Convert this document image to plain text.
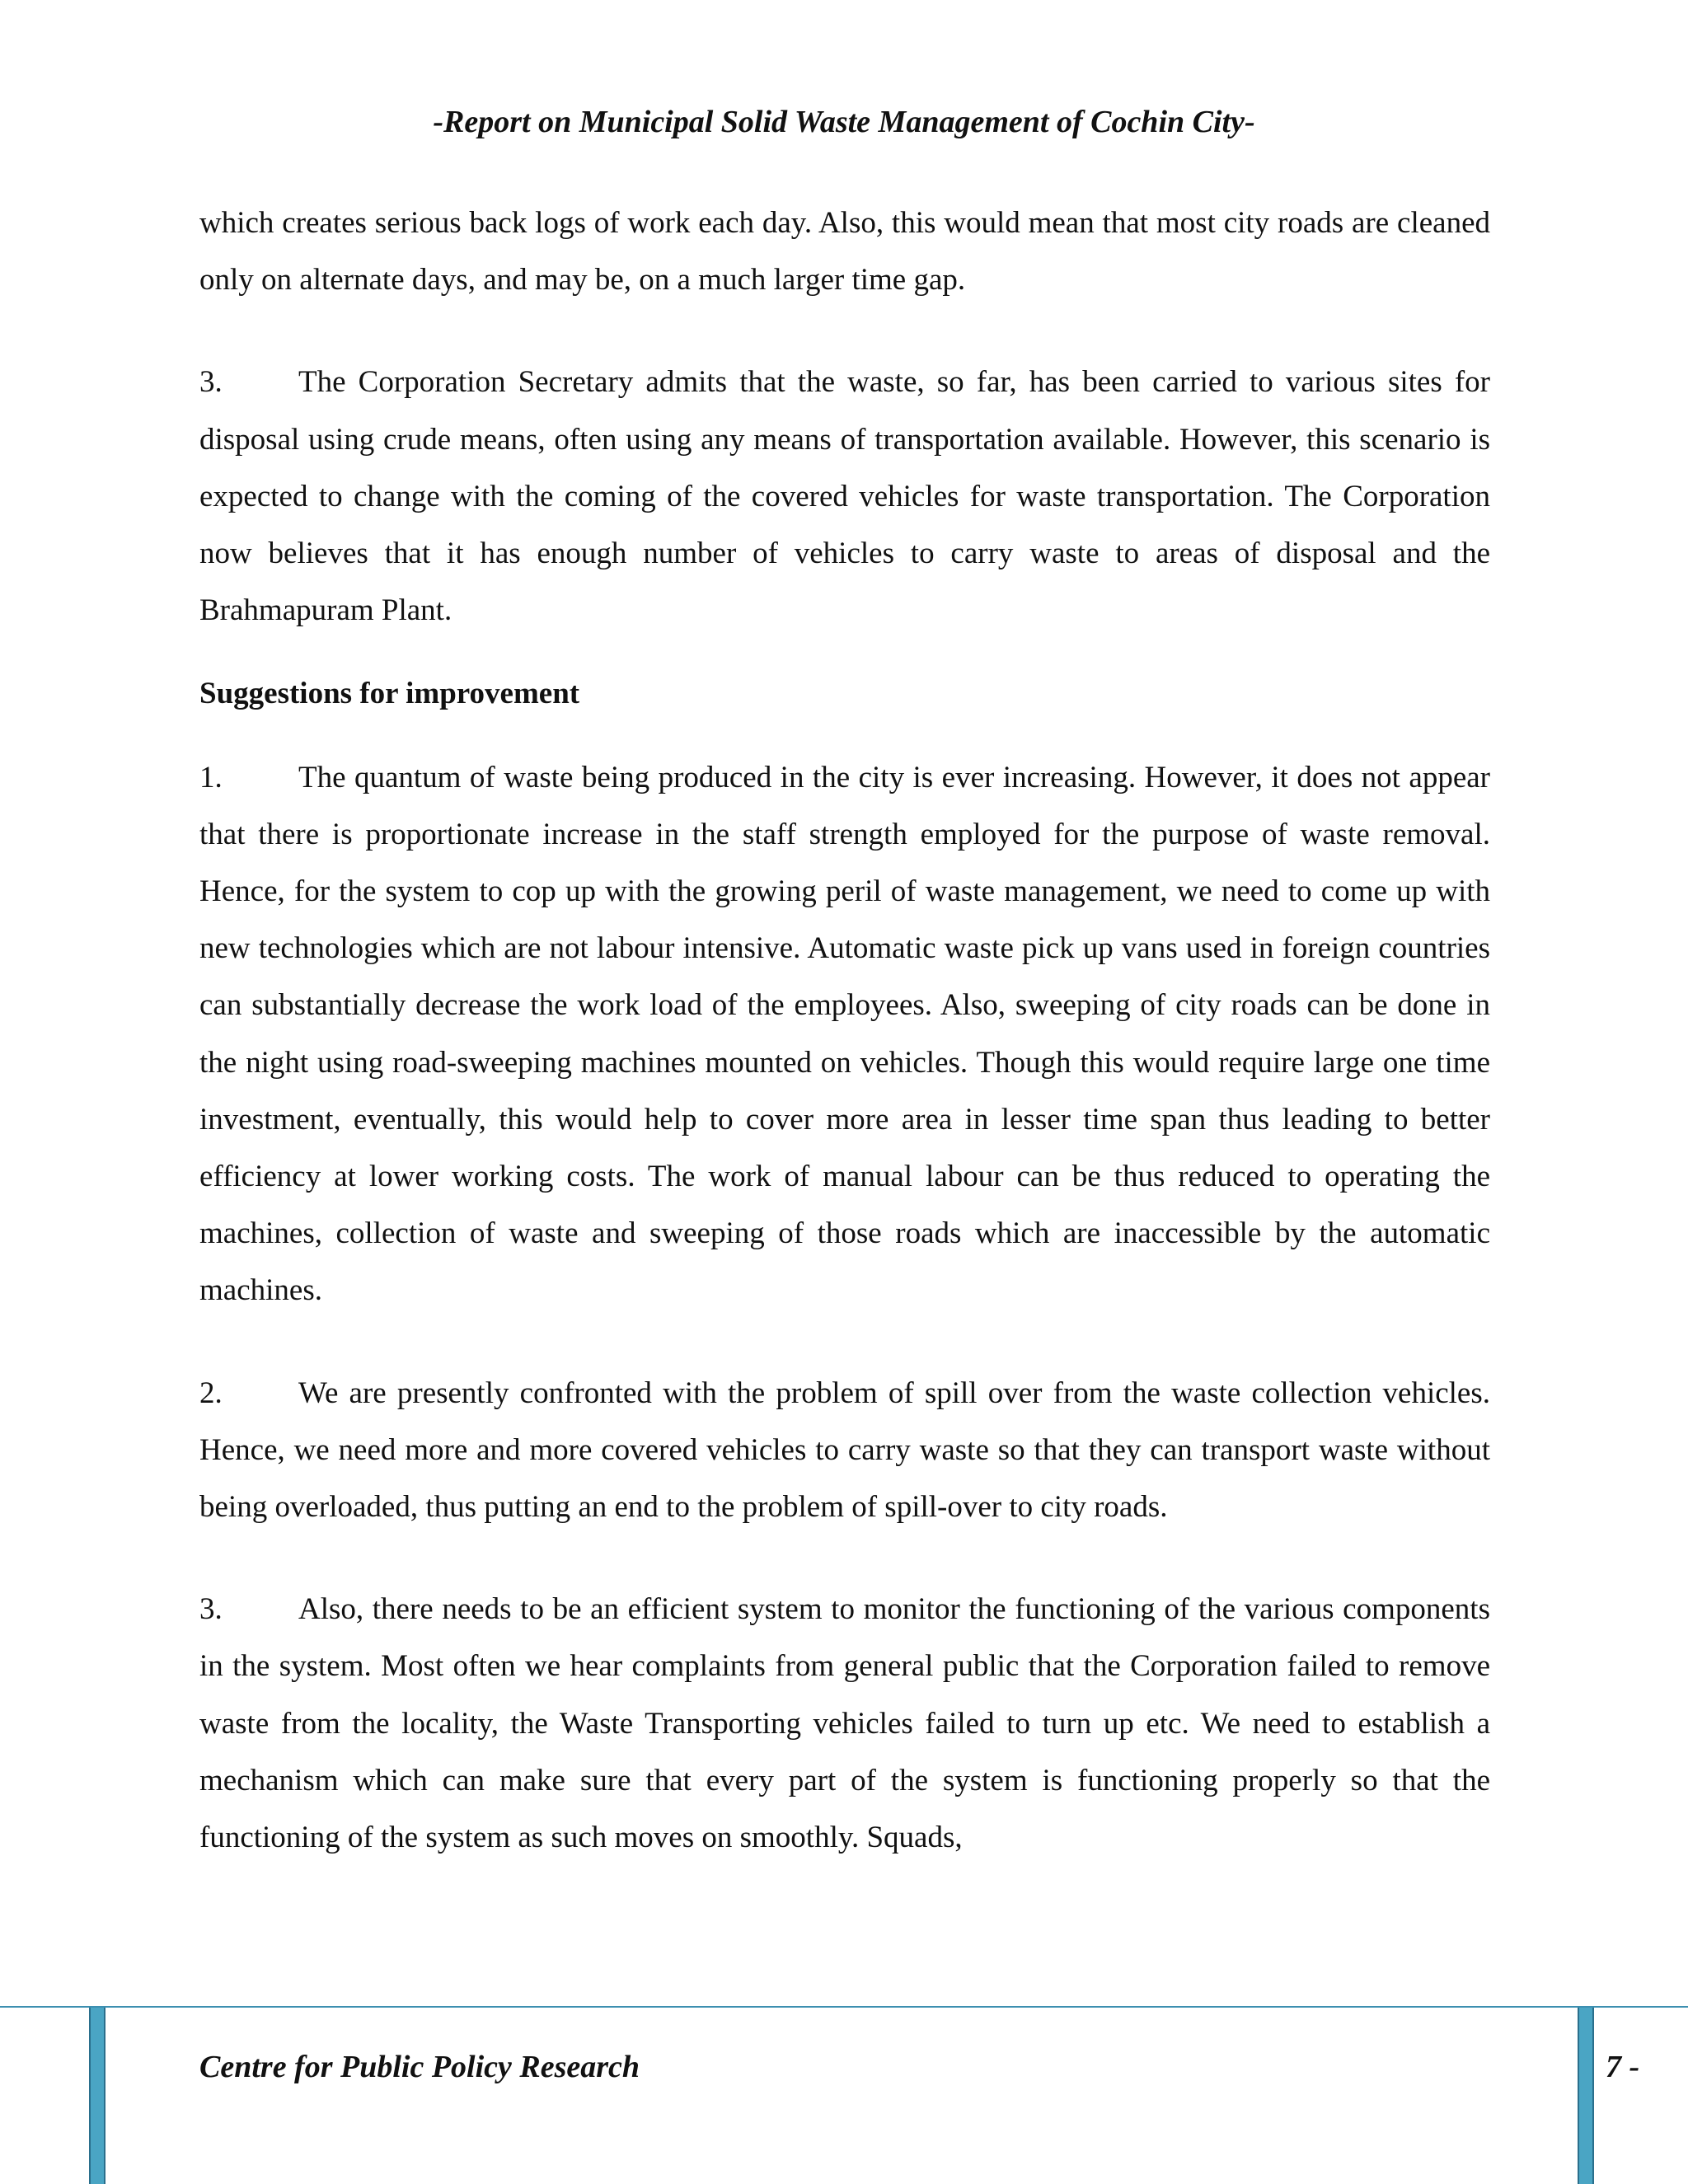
-Report on Municipal Solid Waste Management of Cochin City-

which creates serious back logs of work each day. Also, this would mean that most city roads are cleaned only on alternate days, and may be, on a much larger time gap.

3. The Corporation Secretary admits that the waste, so far, has been carried to various sites for disposal using crude means, often using any means of transportation available. However, this scenario is expected to change with the coming of the covered vehicles for waste transportation. The Corporation now believes that it has enough number of vehicles to carry waste to areas of disposal and the Brahmapuram Plant.

Suggestions for improvement

1. The quantum of waste being produced in the city is ever increasing. However, it does not appear that there is proportionate increase in the staff strength employed for the purpose of waste removal. Hence, for the system to cop up with the growing peril of waste management, we need to come up with new technologies which are not labour intensive. Automatic waste pick up vans used in foreign countries can substantially decrease the work load of the employees. Also, sweeping of city roads can be done in the night using road-sweeping machines mounted on vehicles. Though this would require large one time investment, eventually, this would help to cover more area in lesser time span thus leading to better efficiency at lower working costs. The work of manual labour can be thus reduced to operating the machines, collection of waste and sweeping of those roads which are inaccessible by the automatic machines.

2. We are presently confronted with the problem of spill over from the waste collection vehicles. Hence, we need more and more covered vehicles to carry waste so that they can transport waste without being overloaded, thus putting an end to the problem of spill-over to city roads.

3. Also, there needs to be an efficient system to monitor the functioning of the various components in the system. Most often we hear complaints from general public that the Corporation failed to remove waste from the locality, the Waste Transporting vehicles failed to turn up etc. We need to establish a mechanism which can make sure that every part of the system is functioning properly so that the functioning of the system as such moves on smoothly. Squads,

Centre for Public Policy Research	7 -
